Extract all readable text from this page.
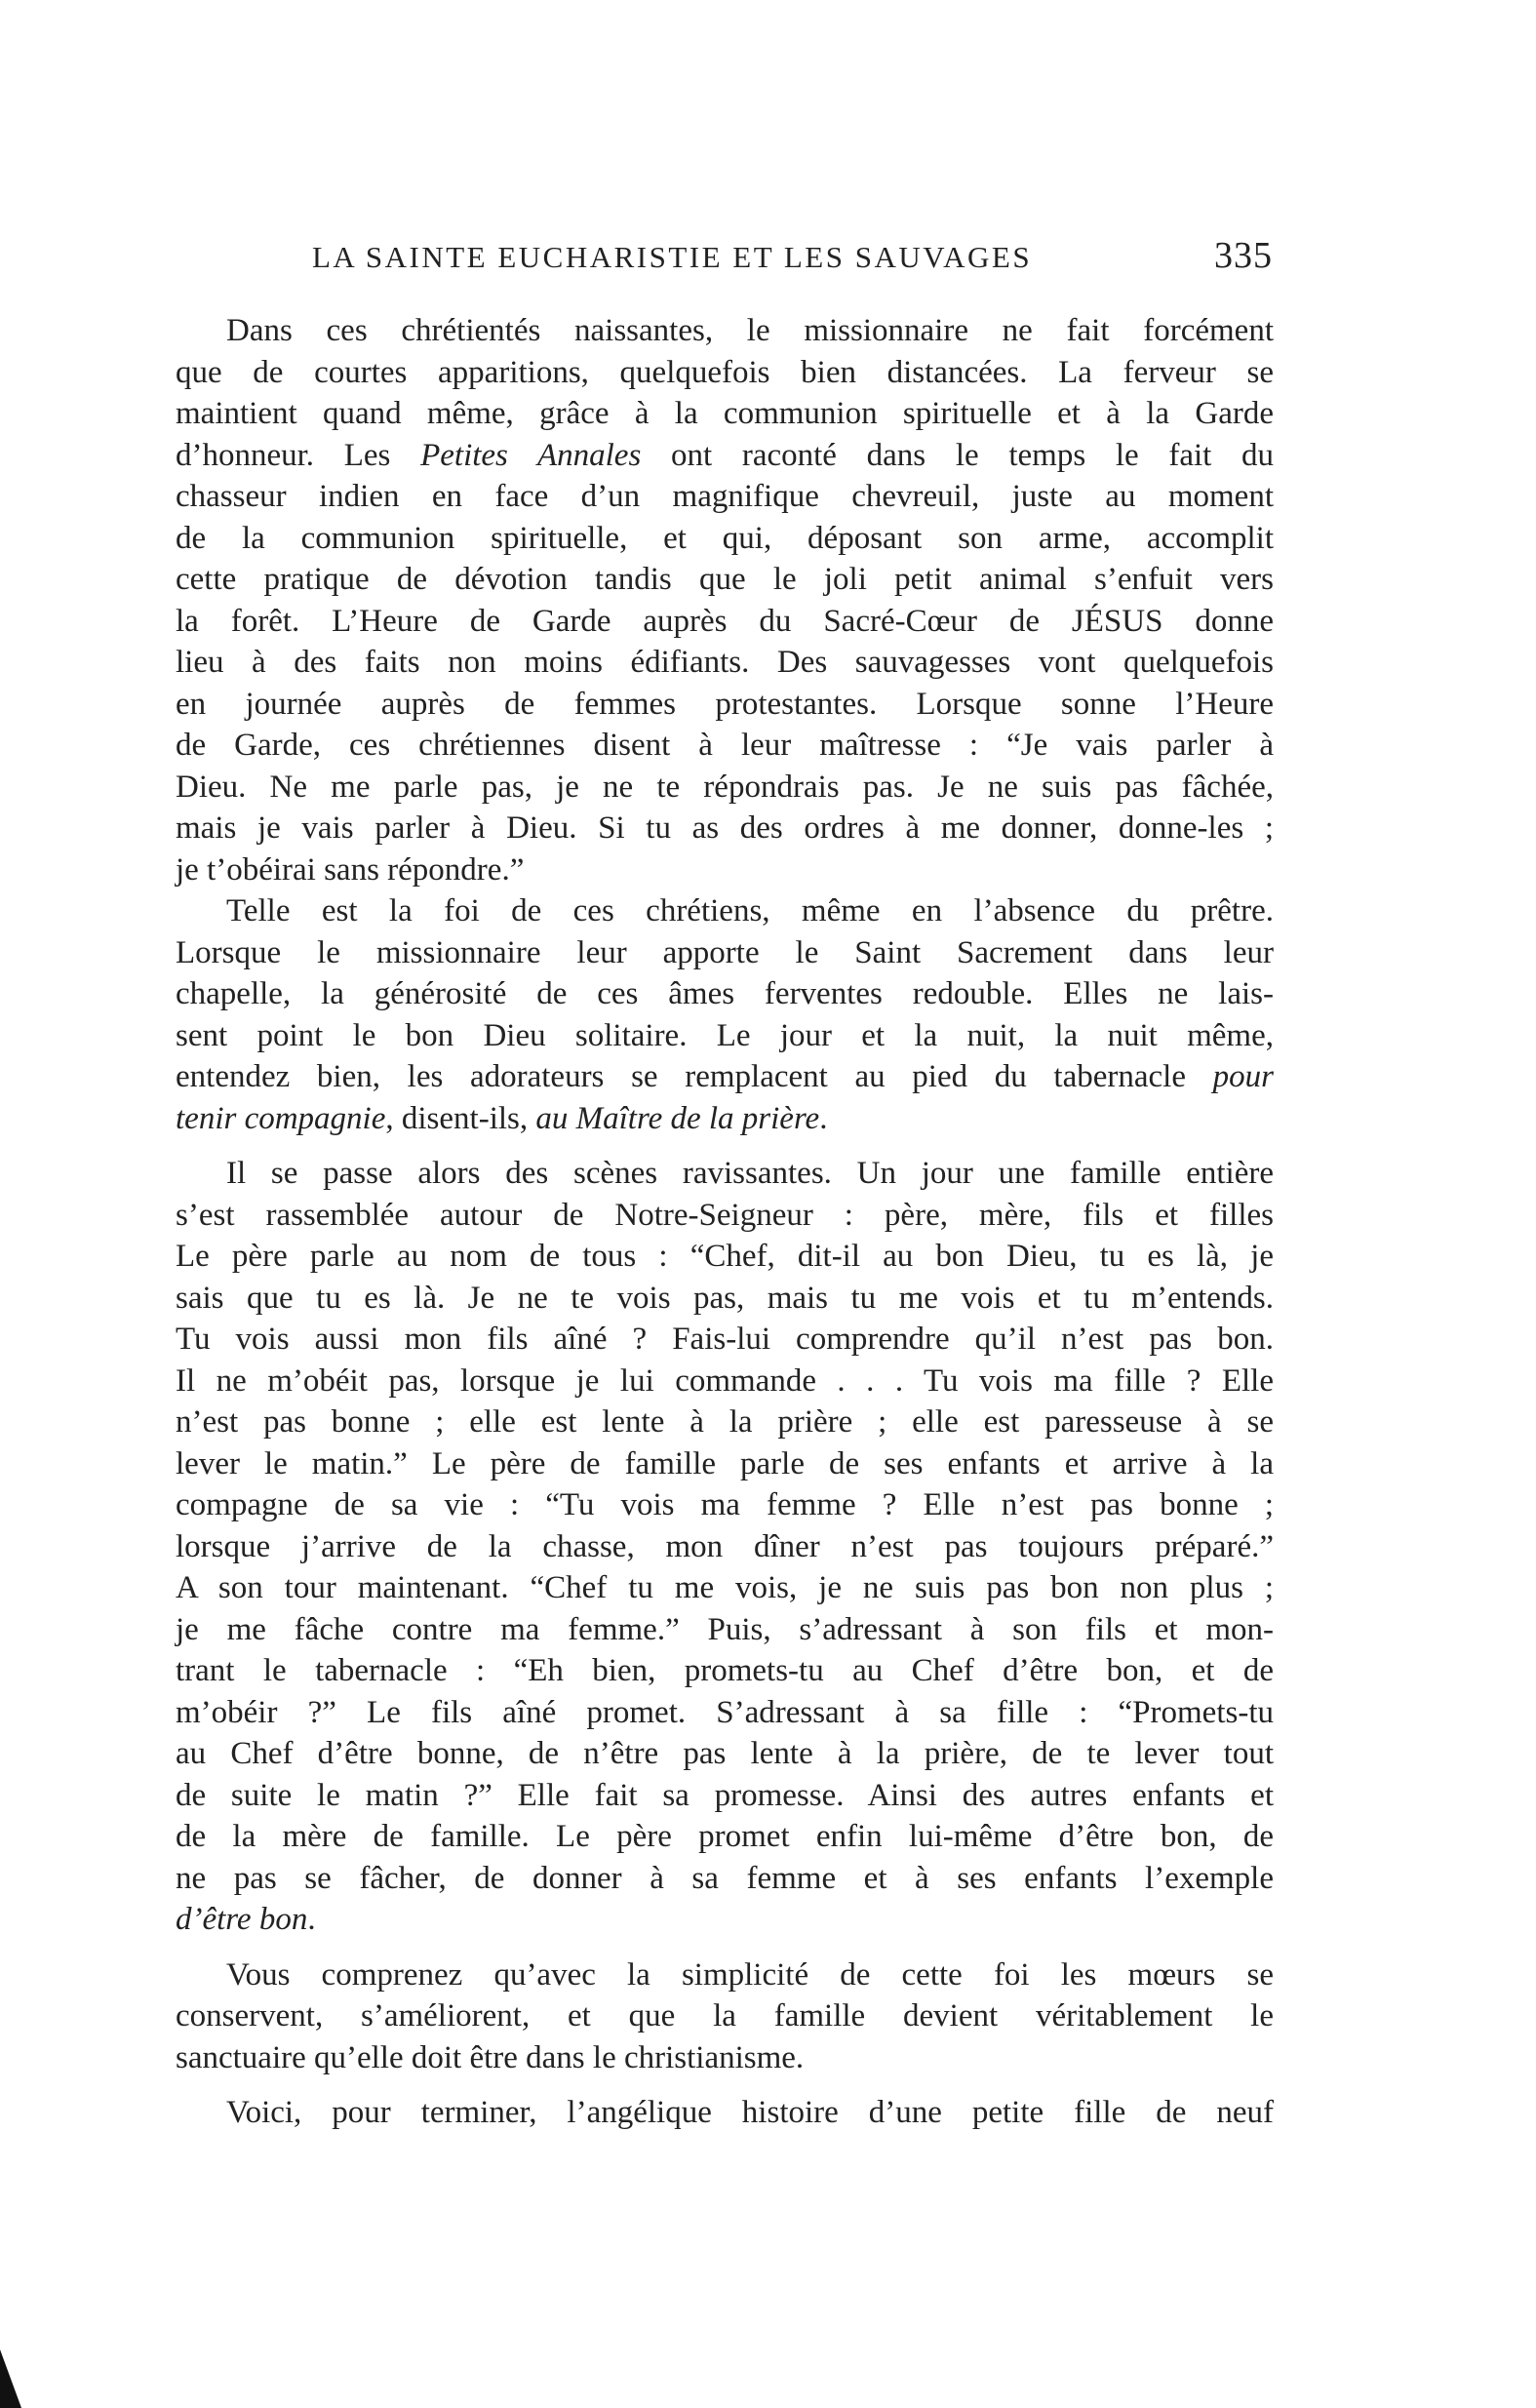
LA SAINTE EUCHARISTIE ET LES SAUVAGES	335
Dans ces chrétientés naissantes, le missionnaire ne fait forcément
que de courtes apparitions, quelquefois bien distancées. La ferveur se
maintient quand même, grâce à la communion spirituelle et à la Garde
d’honneur. Les Petites Annales ont raconté dans le temps le fait du
chasseur indien en face d’un magnifique chevreuil, juste au moment
de la communion spirituelle, et qui, déposant son arme, accomplit
cette pratique de dévotion tandis que le joli petit animal s’enfuit vers
la forêt. L’Heure de Garde auprès du Sacré-Cœur de JÉSUS donne
lieu à des faits non moins édifiants. Des sauvagesses vont quelquefois
en journée auprès de femmes protestantes. Lorsque sonne l’Heure
de Garde, ces chrétiennes disent à leur maîtresse : “Je vais parler à
Dieu. Ne me parle pas, je ne te répondrais pas. Je ne suis pas fâchée,
mais je vais parler à Dieu. Si tu as des ordres à me donner, donne-les ;
je t’obéirai sans répondre.”
Telle est la foi de ces chrétiens, même en l’absence du prêtre.
Lorsque le missionnaire leur apporte le Saint Sacrement dans leur
chapelle, la générosité de ces âmes ferventes redouble. Elles ne lais-
sent point le bon Dieu solitaire. Le jour et la nuit, la nuit même,
entendez bien, les adorateurs se remplacent au pied du tabernacle pour
tenir compagnie, disent-ils, au Maître de la prière.
Il se passe alors des scènes ravissantes. Un jour une famille entière
s’est rassemblée autour de Notre-Seigneur : père, mère, fils et filles
Le père parle au nom de tous : “Chef, dit-il au bon Dieu, tu es là, je
sais que tu es là. Je ne te vois pas, mais tu me vois et tu m’entends.
Tu vois aussi mon fils aîné ? Fais-lui comprendre qu’il n’est pas bon.
Il ne m’obéit pas, lorsque je lui commande . . . Tu vois ma fille ? Elle
n’est pas bonne ; elle est lente à la prière ; elle est paresseuse à se
lever le matin.” Le père de famille parle de ses enfants et arrive à la
compagne de sa vie : “Tu vois ma femme ? Elle n’est pas bonne ;
lorsque j’arrive de la chasse, mon dîner n’est pas toujours préparé.”
A son tour maintenant. “Chef tu me vois, je ne suis pas bon non plus ;
je me fâche contre ma femme.” Puis, s’adressant à son fils et mon-
trant le tabernacle : “Eh bien, promets-tu au Chef d’être bon, et de
m’obéir ?” Le fils aîné promet. S’adressant à sa fille : “Promets-tu
au Chef d’être bonne, de n’être pas lente à la prière, de te lever tout
de suite le matin ?” Elle fait sa promesse. Ainsi des autres enfants et
de la mère de famille. Le père promet enfin lui-même d’être bon, de
ne pas se fâcher, de donner à sa femme et à ses enfants l’exemple
d’être bon.
Vous comprenez qu’avec la simplicité de cette foi les mœurs se
conservent, s’améliorent, et que la famille devient véritablement le
sanctuaire qu’elle doit être dans le christianisme.
Voici, pour terminer, l’angélique histoire d’une petite fille de neuf
